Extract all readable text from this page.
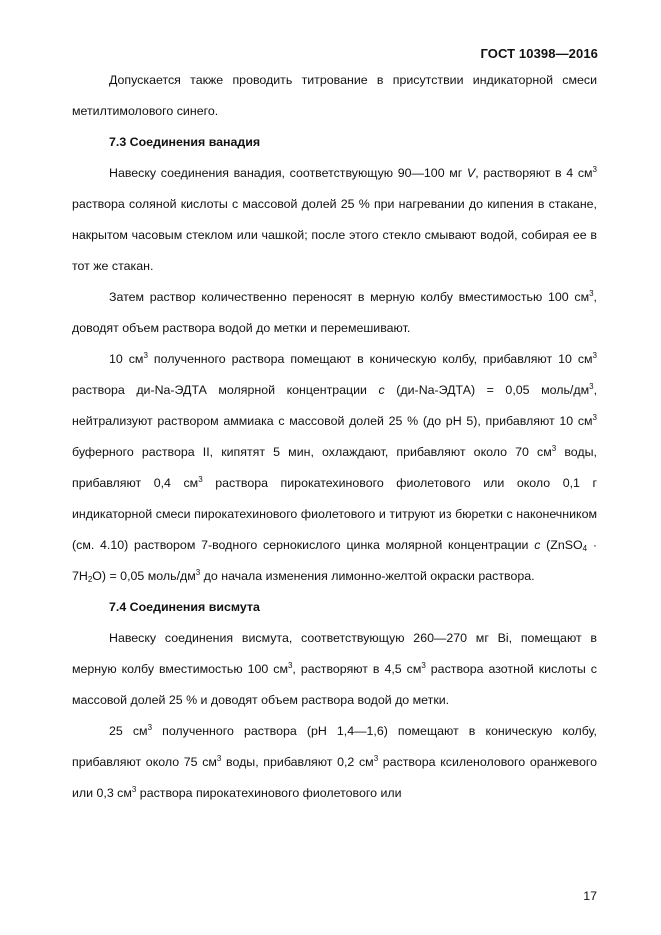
ГОСТ 10398—2016

Допускается также проводить титрование в присутствии индикаторной смеси метилтимолового синего.

7.3 Соединения ванадия

Навеску соединения ванадия, соответствующую 90—100 мг V, растворяют в 4 $см^3$ раствора соляной кислоты с массовой долей 25 % при нагревании до кипения в стакане, накрытом часовым стеклом или чашкой; после этого стекло смывают водой, собирая ее в тот же стакан.

Затем раствор количественно переносят в мерную колбу вместимостью 100 $см^3$, доводят объем раствора водой до метки и перемешивают.

10 $см^3$ полученного раствора помещают в коническую колбу, прибавляют 10 $см^3$ раствора ди-Na-ЭДТА молярной концентрации с (ди-Na-ЭДТА) = 0,05 моль/$дм^3$, нейтрализуют раствором аммиака с массовой долей 25 % (до pH 5), прибавляют 10 $см^3$ буферного раствора II, кипятят 5 мин, охлаждают, прибавляют около 70 $см^3$ воды, прибавляют 0,4 $см^3$ раствора пирокатехинового фиолетового или около 0,1 г индикаторной смеси пирокатехинового фиолетового и титруют из бюретки с наконечником (см. 4.10) раствором 7-водного сернокислого цинка молярной концентрации с (ZnSO$_4$ · $7H_2O) = 0,05$ моль/$дм^3$ до начала изменения лимонно-желтой окраски раствора.

7.4 Соединения висмута

Навеску соединения висмута, соответствующую 260—270 мг Bi, помещают в мерную колбу вместимостью 100 $см^3$, растворяют в 4,5 $см^3$ раствора азотной кислоты с массовой долей 25 % и доводят объем раствора водой до метки.

25 $см^3$ полученного раствора (pH 1,4—1,6) помещают в коническую колбу, прибавляют около 75 $см^3$ воды, прибавляют 0,2 $см^3$ раствора ксиленолового оранжевого или 0,3 $см^3$ раствора пирокатехинового фиолетового или

17
